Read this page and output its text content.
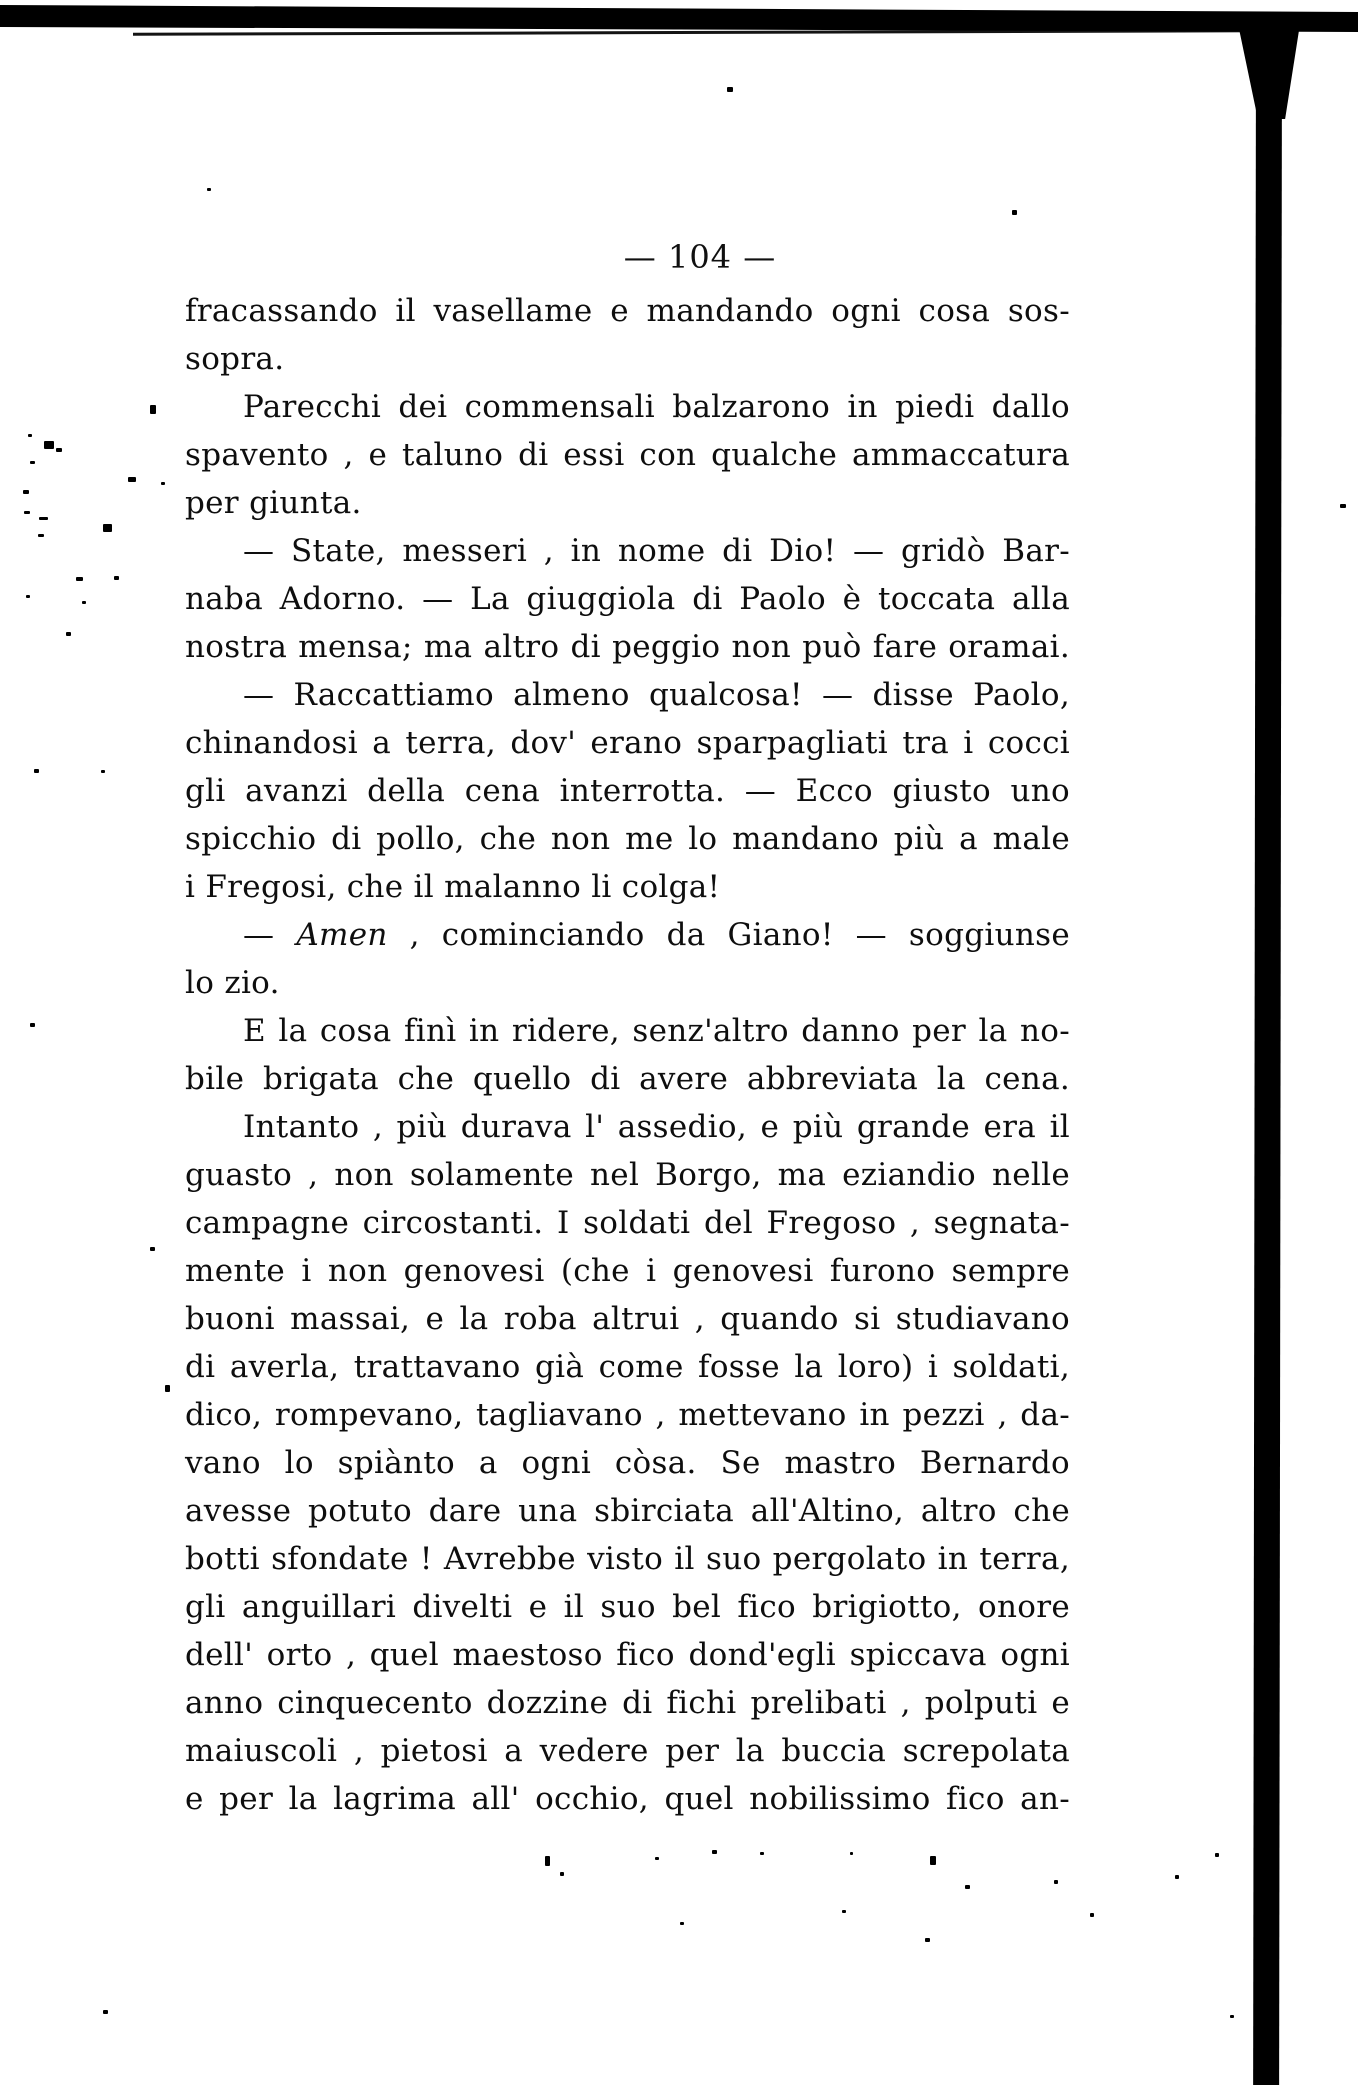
— 104 —
fracassando il vasellame e mandando ogni cosa sos-
sopra.
Parecchi dei commensali balzarono in piedi dallo
spavento , e taluno di essi con qualche ammaccatura
per giunta.
— State, messeri , in nome di Dio! — gridò Bar-
naba Adorno. — La giuggiola di Paolo è toccata alla
nostra mensa; ma altro di peggio non può fare oramai.
— Raccattiamo almeno qualcosa! — disse Paolo,
chinandosi a terra, dov' erano sparpagliati tra i cocci
gli avanzi della cena interrotta. — Ecco giusto uno
spicchio di pollo, che non me lo mandano più a male
i Fregosi, che il malanno li colga!
— Amen , cominciando da Giano! — soggiunse
lo zio.
E la cosa finì in ridere, senz'altro danno per la no-
bile brigata che quello di avere abbreviata la cena.
Intanto , più durava l' assedio, e più grande era il
guasto , non solamente nel Borgo, ma eziandio nelle
campagne circostanti. I soldati del Fregoso , segnata-
mente i non genovesi (che i genovesi furono sempre
buoni massai, e la roba altrui , quando si studiavano
di averla, trattavano già come fosse la loro) i soldati,
dico, rompevano, tagliavano , mettevano in pezzi , da-
vano lo spiànto a ogni còsa. Se mastro Bernardo
avesse potuto dare una sbirciata all'Altino, altro che
botti sfondate ! Avrebbe visto il suo pergolato in terra,
gli anguillari divelti e il suo bel fico brigiotto, onore
dell' orto , quel maestoso fico dond'egli spiccava ogni
anno cinquecento dozzine di fichi prelibati , polputi e
maiuscoli , pietosi a vedere per la buccia screpolata
e per la lagrima all' occhio, quel nobilissimo fico an-
